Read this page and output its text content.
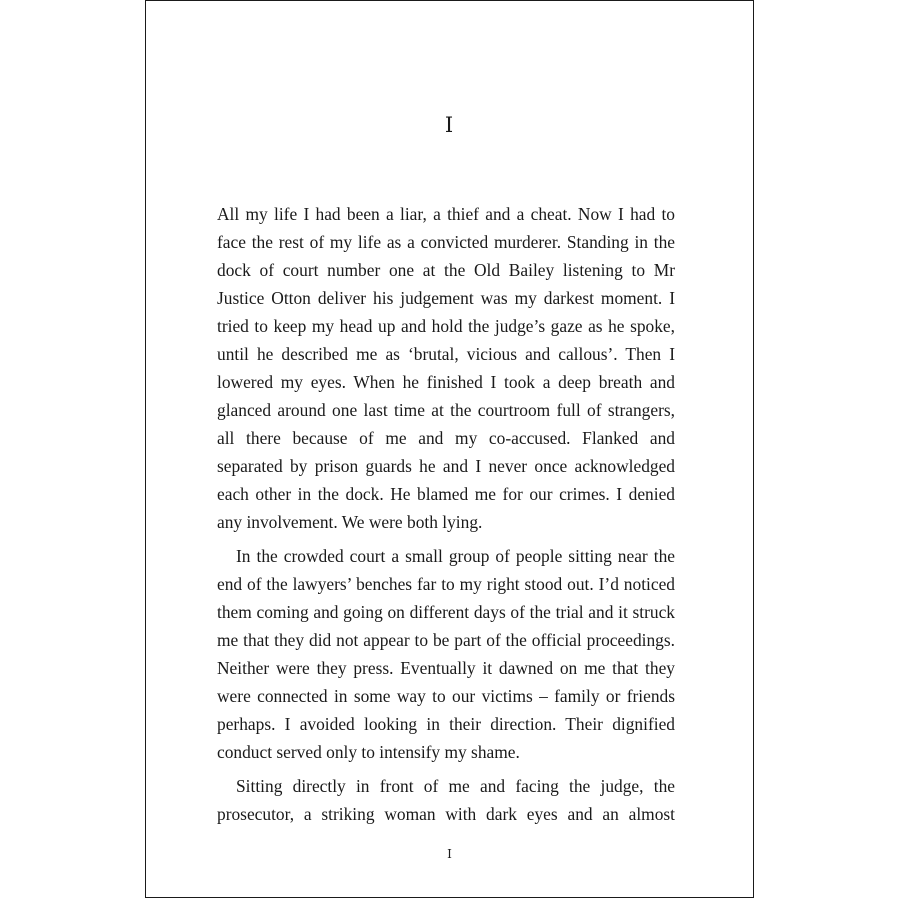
I

All my life I had been a liar, a thief and a cheat. Now I had to face the rest of my life as a convicted murderer. Standing in the dock of court number one at the Old Bailey listening to Mr Justice Otton deliver his judgement was my darkest moment. I tried to keep my head up and hold the judge’s gaze as he spoke, until he described me as ‘brutal, vicious and callous’. Then I lowered my eyes. When he finished I took a deep breath and glanced around one last time at the courtroom full of strangers, all there because of me and my co-accused. Flanked and separated by prison guards he and I never once acknowledged each other in the dock. He blamed me for our crimes. I denied any involvement. We were both lying.

In the crowded court a small group of people sitting near the end of the lawyers’ benches far to my right stood out. I’d noticed them coming and going on different days of the trial and it struck me that they did not appear to be part of the official proceedings. Neither were they press. Eventually it dawned on me that they were connected in some way to our victims – family or friends perhaps. I avoided looking in their direction. Their dignified conduct served only to intensify my shame.

Sitting directly in front of me and facing the judge, the prosecutor, a striking woman with dark eyes and an almost

I
